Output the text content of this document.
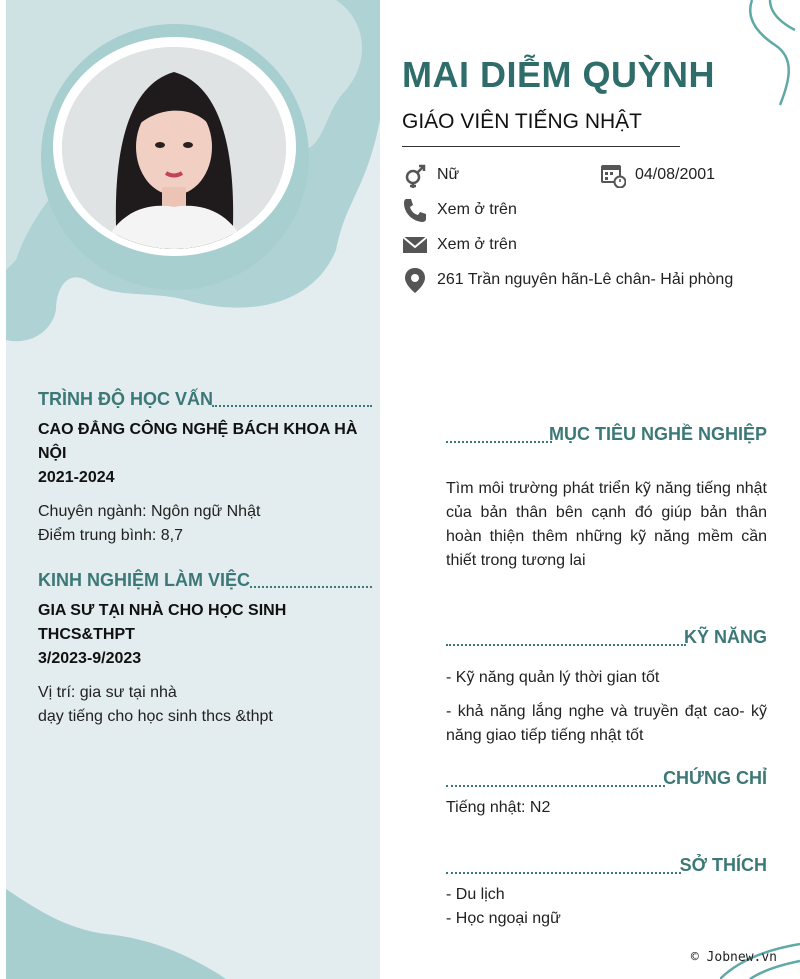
TRÌNH ĐỘ HỌC VẤN
CAO ĐẲNG CÔNG NGHỆ BÁCH KHOA HÀ
NỘI
2021-2024
Chuyên ngành: Ngôn ngữ Nhật
Điểm trung bình: 8,7
KINH NGHIỆM LÀM VIỆC
GIA SƯ TẠI NHÀ CHO HỌC SINH
THCS&THPT
3/2023-9/2023
Vị trí: gia sư tại nhà
dạy tiếng cho học sinh thcs &thpt
MAI DIỄM QUỲNH
GIÁO VIÊN TIẾNG NHẬT
Nữ	04/08/2001
Xem ở trên
Xem ở trên
261 Trần nguyên hãn-Lê chân- Hải phòng
MỤC TIÊU NGHỀ NGHIỆP
Tìm môi trường phát triển kỹ năng tiếng nhật của bản thân bên cạnh đó giúp bản thân hoàn thiện thêm những kỹ năng mềm cần thiết trong tương lai
KỸ NĂNG
- Kỹ năng quản lý thời gian tốt
- khả năng lắng nghe và truyền đạt cao- kỹ năng giao tiếp tiếng nhật tốt
CHỨNG CHỈ
Tiếng nhật: N2
SỞ THÍCH
- Du lịch
- Học ngoại ngữ
© Jobnew.vn
